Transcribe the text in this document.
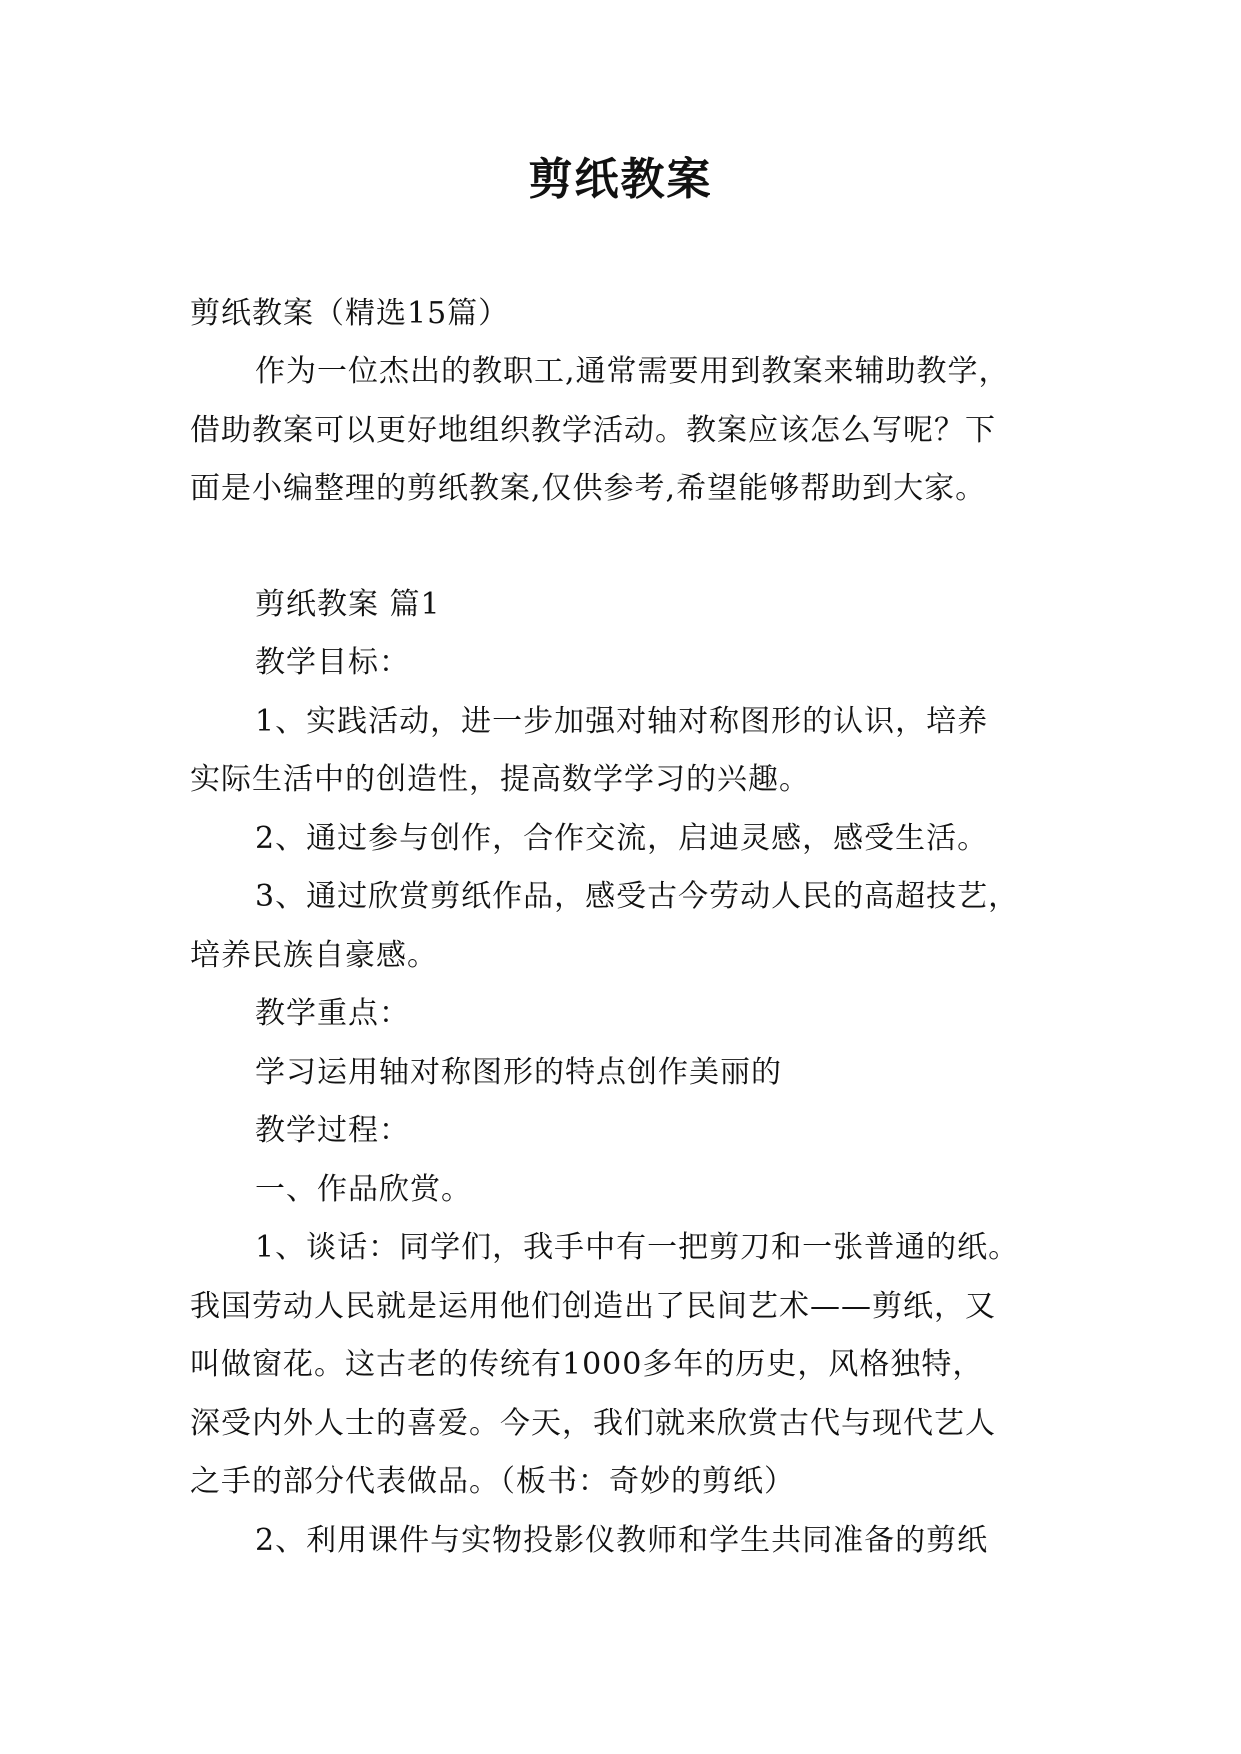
剪纸教案
剪纸教案（精选15篇）
作为一位杰出的教职工,通常需要用到教案来辅助教学，
借助教案可以更好地组织教学活动。教案应该怎么写呢？下
面是小编整理的剪纸教案,仅供参考,希望能够帮助到大家。
剪纸教案 篇1
教学目标：
1、实践活动，进一步加强对轴对称图形的认识，培养
实际生活中的创造性，提高数学学习的兴趣。
2、通过参与创作，合作交流，启迪灵感，感受生活。
3、通过欣赏剪纸作品，感受古今劳动人民的高超技艺，
培养民族自豪感。
教学重点：
学习运用轴对称图形的特点创作美丽的
教学过程：
一、作品欣赏。
1、谈话：同学们，我手中有一把剪刀和一张普通的纸。
我国劳动人民就是运用他们创造出了民间艺术——剪纸，又
叫做窗花。这古老的传统有1000多年的历史，风格独特，
深受内外人士的喜爱。今天，我们就来欣赏古代与现代艺人
之手的部分代表做品。（板书：奇妙的剪纸）
2、利用课件与实物投影仪教师和学生共同准备的剪纸
